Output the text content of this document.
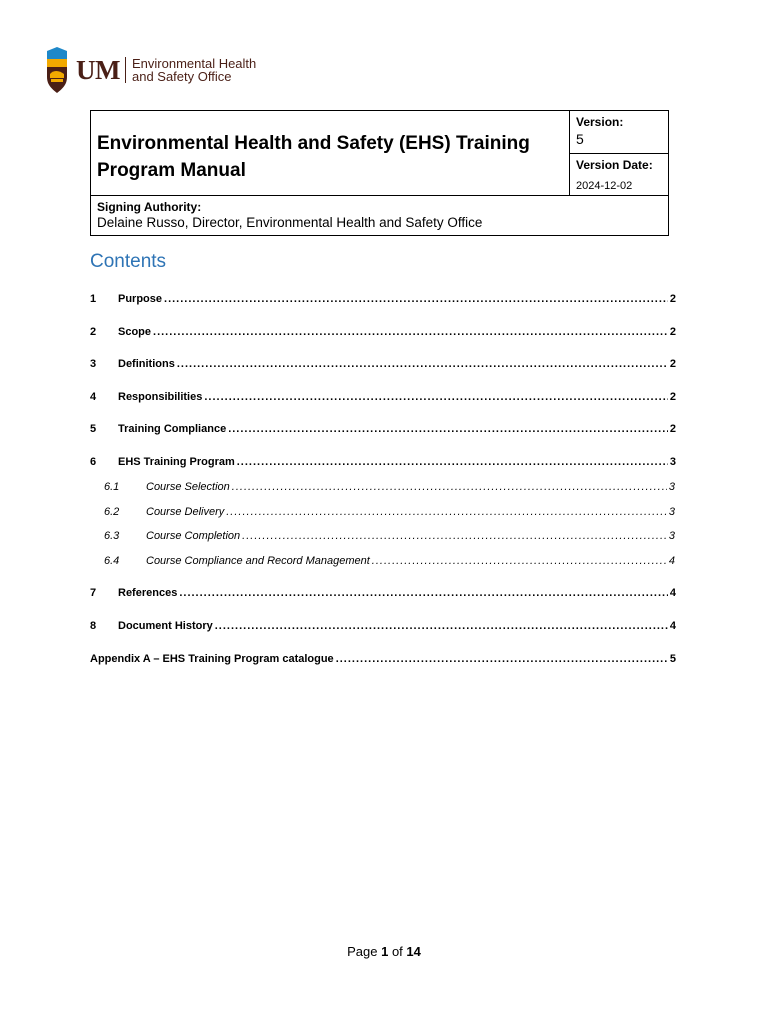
UM Environmental Health
and Safety Office
Environmental Health and Safety (EHS) Training
Program Manual
Version:
5
Version Date:
2024-12-02
Signing Authority:
Delaine Russo, Director, Environmental Health and Safety Office
Contents
1	Purpose .....	2
2	Scope .....	2
3	Definitions .....	2
4	Responsibilities .....	2
5	Training Compliance .....	2
6	EHS Training Program .....	3
6.1	Course Selection .....	3
6.2	Course Delivery .....	3
6.3	Course Completion .....	3
6.4	Course Compliance and Record Management .....	4
7	References .....	4
8	Document History .....	4
Appendix A – EHS Training Program catalogue .....	5
Page 1 of 14
